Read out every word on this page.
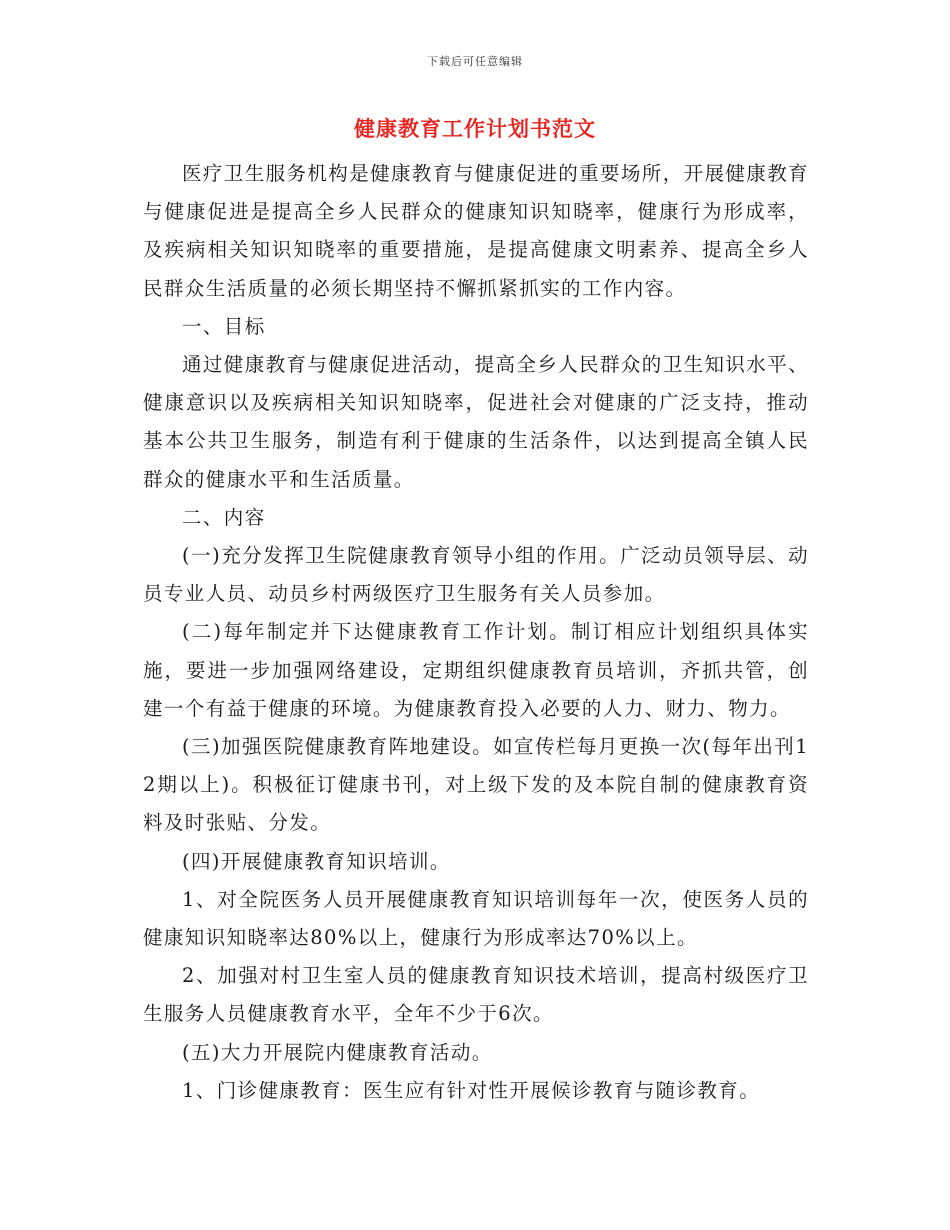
下载后可任意编辑
健康教育工作计划书范文

医疗卫生服务机构是健康教育与健康促进的重要场所，开展健康教育与健康促进是提高全乡人民群众的健康知识知晓率，健康行为形成率，及疾病相关知识知晓率的重要措施，是提高健康文明素养、提高全乡人民群众生活质量的必须长期坚持不懈抓紧抓实的工作内容。

一、目标

通过健康教育与健康促进活动，提高全乡人民群众的卫生知识水平、健康意识以及疾病相关知识知晓率，促进社会对健康的广泛支持，推动基本公共卫生服务，制造有利于健康的生活条件，以达到提高全镇人民群众的健康水平和生活质量。

二、内容

(一)充分发挥卫生院健康教育领导小组的作用。广泛动员领导层、动员专业人员、动员乡村两级医疗卫生服务有关人员参加。

(二)每年制定并下达健康教育工作计划。制订相应计划组织具体实施，要进一步加强网络建设，定期组织健康教育员培训，齐抓共管，创建一个有益于健康的环境。为健康教育投入必要的人力、财力、物力。

(三)加强医院健康教育阵地建设。如宣传栏每月更换一次(每年出刊12期以上)。积极征订健康书刊，对上级下发的及本院自制的健康教育资料及时张贴、分发。

(四)开展健康教育知识培训。

1、对全院医务人员开展健康教育知识培训每年一次，使医务人员的健康知识知晓率达80%以上，健康行为形成率达70%以上。

2、加强对村卫生室人员的健康教育知识技术培训，提高村级医疗卫生服务人员健康教育水平，全年不少于6次。

(五)大力开展院内健康教育活动。

1、门诊健康教育：医生应有针对性开展候诊教育与随诊教育。
